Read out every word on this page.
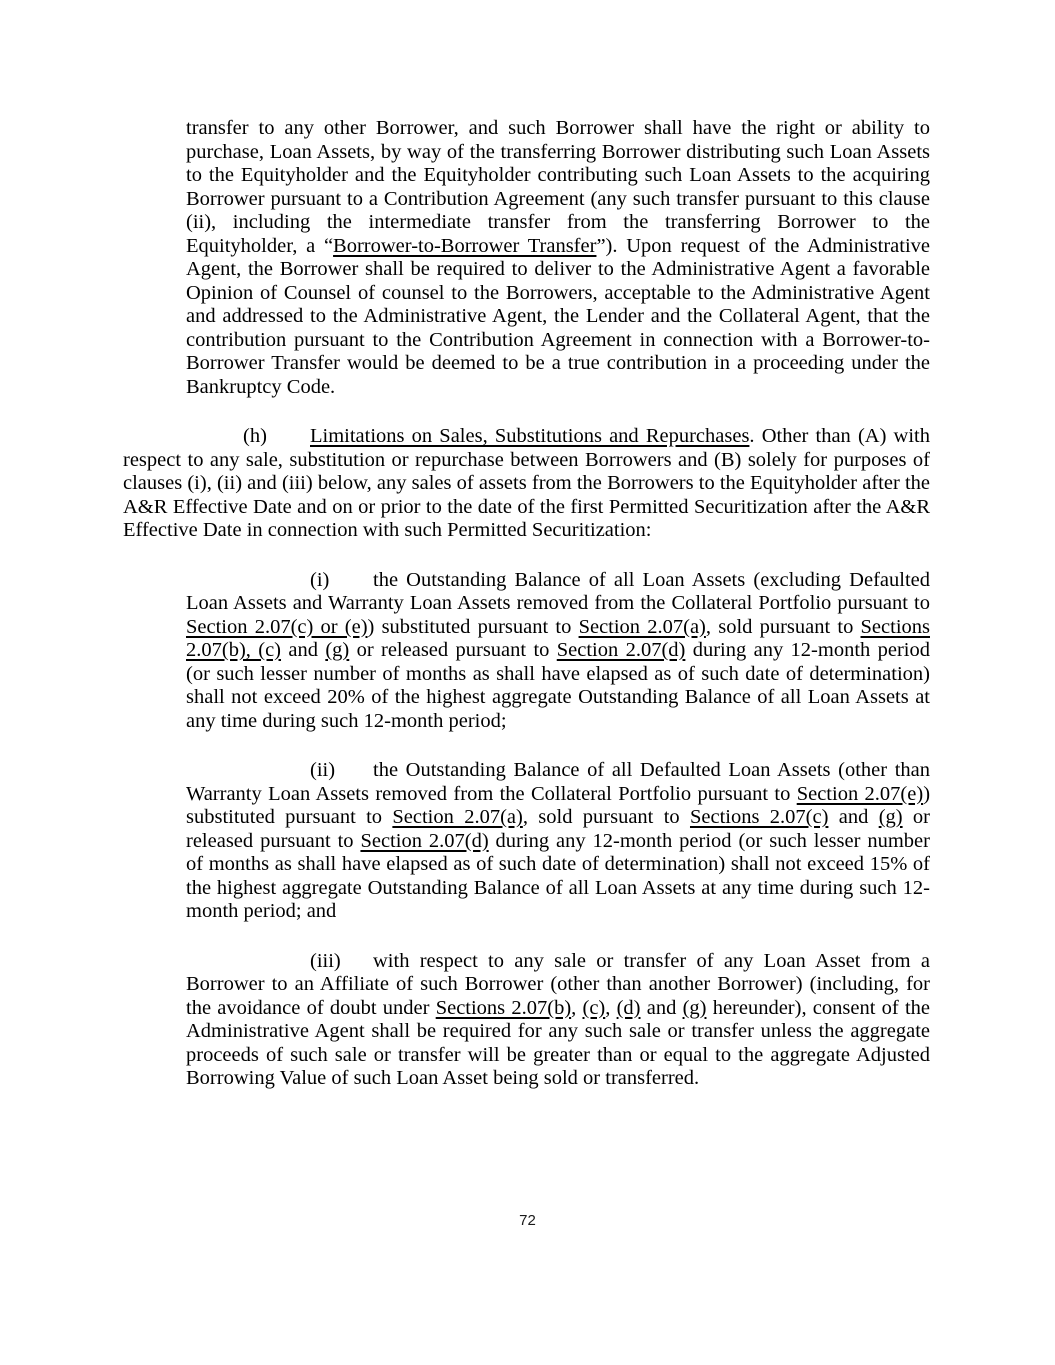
transfer to any other Borrower, and such Borrower shall have the right or ability to purchase, Loan Assets, by way of the transferring Borrower distributing such Loan Assets to the Equityholder and the Equityholder contributing such Loan Assets to the acquiring Borrower pursuant to a Contribution Agreement (any such transfer pursuant to this clause (ii), including the intermediate transfer from the transferring Borrower to the Equityholder, a “Borrower-to-Borrower Transfer”). Upon request of the Administrative Agent, the Borrower shall be required to deliver to the Administrative Agent a favorable Opinion of Counsel of counsel to the Borrowers, acceptable to the Administrative Agent and addressed to the Administrative Agent, the Lender and the Collateral Agent, that the contribution pursuant to the Contribution Agreement in connection with a Borrower-to-Borrower Transfer would be deemed to be a true contribution in a proceeding under the Bankruptcy Code.

(h) Limitations on Sales, Substitutions and Repurchases. Other than (A) with respect to any sale, substitution or repurchase between Borrowers and (B) solely for purposes of clauses (i), (ii) and (iii) below, any sales of assets from the Borrowers to the Equityholder after the A&R Effective Date and on or prior to the date of the first Permitted Securitization after the A&R Effective Date in connection with such Permitted Securitization:

(i) the Outstanding Balance of all Loan Assets (excluding Defaulted Loan Assets and Warranty Loan Assets removed from the Collateral Portfolio pursuant to Section 2.07(c) or (e)) substituted pursuant to Section 2.07(a), sold pursuant to Sections 2.07(b), (c) and (g) or released pursuant to Section 2.07(d) during any 12-month period (or such lesser number of months as shall have elapsed as of such date of determination) shall not exceed 20% of the highest aggregate Outstanding Balance of all Loan Assets at any time during such 12-month period;

(ii) the Outstanding Balance of all Defaulted Loan Assets (other than Warranty Loan Assets removed from the Collateral Portfolio pursuant to Section 2.07(e)) substituted pursuant to Section 2.07(a), sold pursuant to Sections 2.07(c) and (g) or released pursuant to Section 2.07(d) during any 12-month period (or such lesser number of months as shall have elapsed as of such date of determination) shall not exceed 15% of the highest aggregate Outstanding Balance of all Loan Assets at any time during such 12-month period; and

(iii) with respect to any sale or transfer of any Loan Asset from a Borrower to an Affiliate of such Borrower (other than another Borrower) (including, for the avoidance of doubt under Sections 2.07(b), (c), (d) and (g) hereunder), consent of the Administrative Agent shall be required for any such sale or transfer unless the aggregate proceeds of such sale or transfer will be greater than or equal to the aggregate Adjusted Borrowing Value of such Loan Asset being sold or transferred.

72
